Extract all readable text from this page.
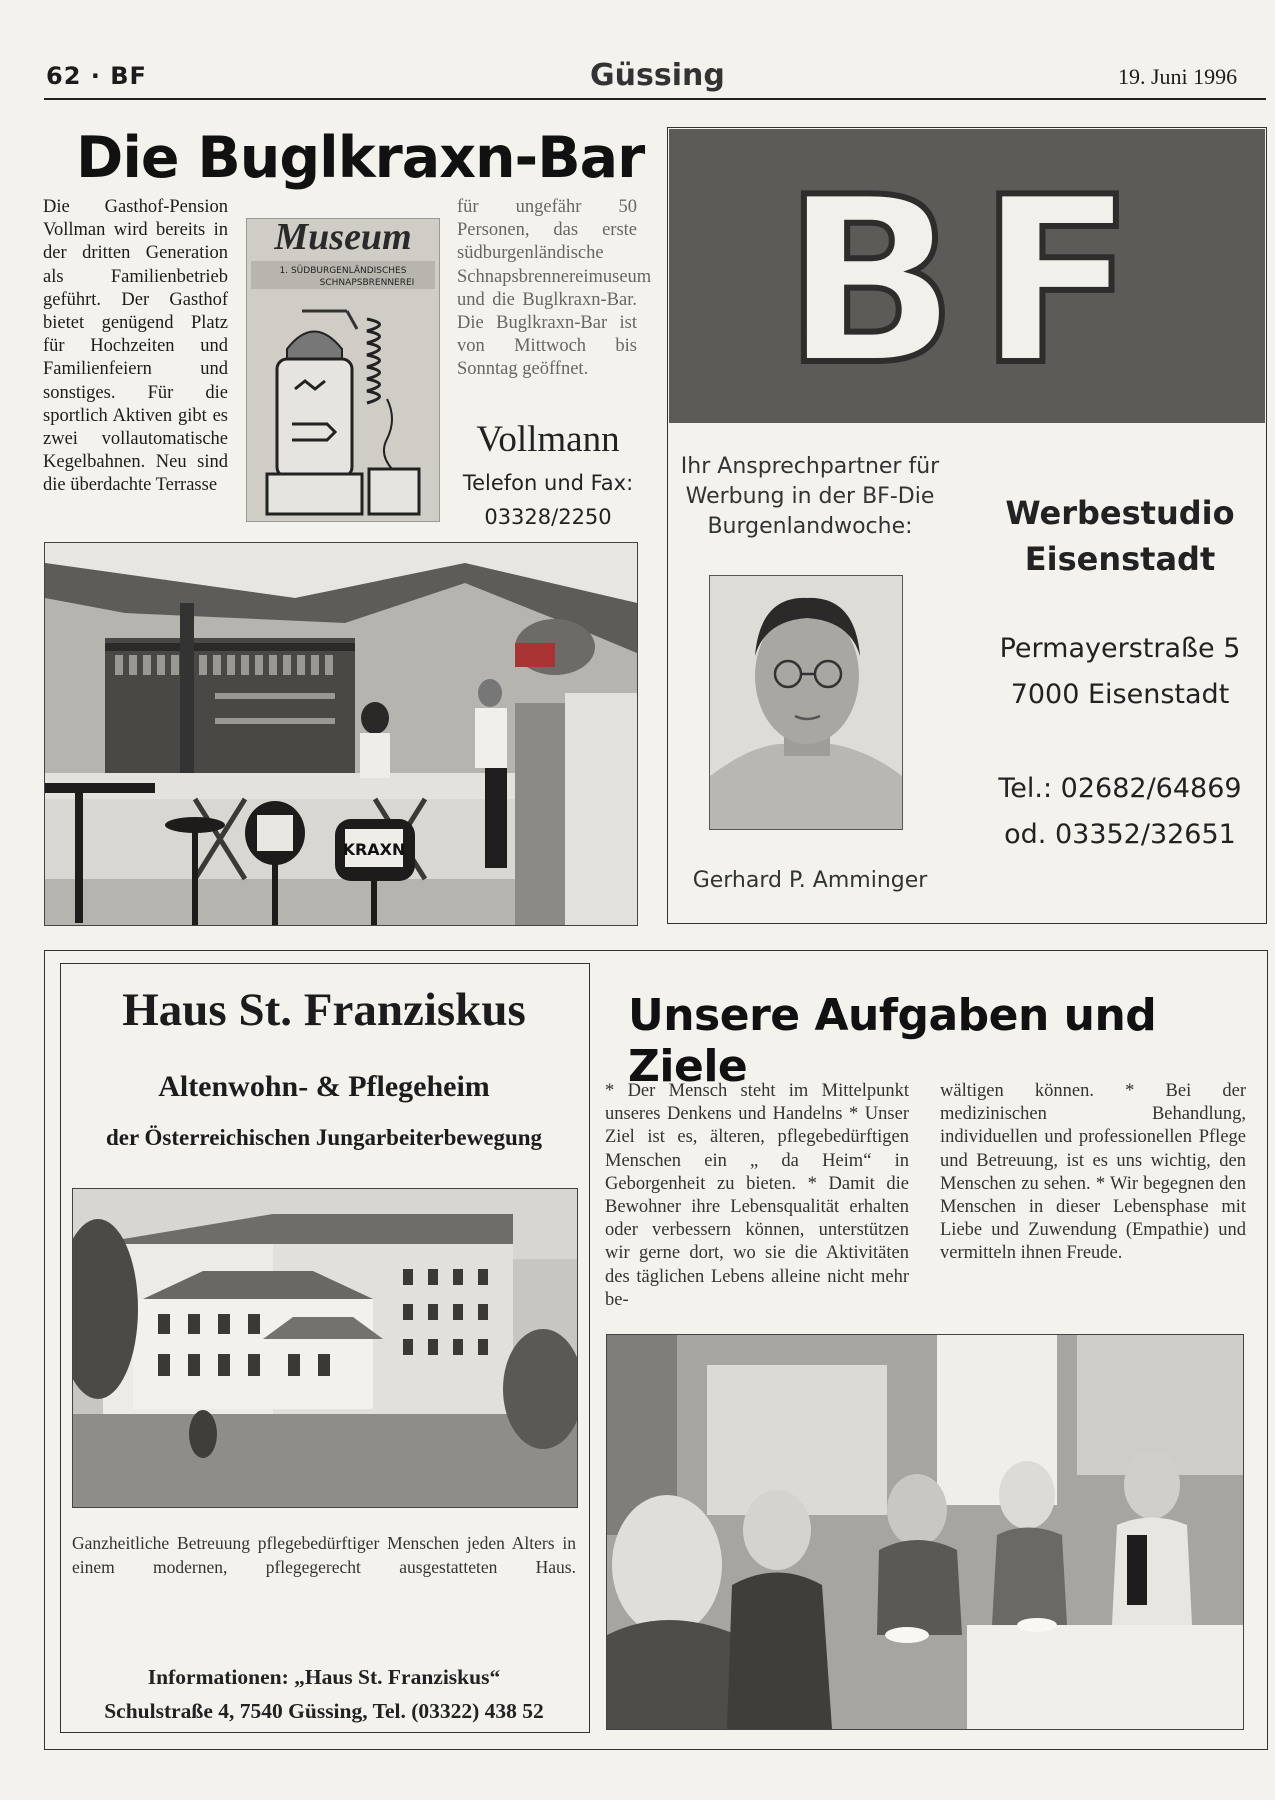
62 · BF	Güssing	19. Juni 1996
Die Buglkraxn-Bar
Die Gasthof-Pension Vollman wird bereits in der dritten Generation als Familienbetrieb geführt. Der Gasthof bietet genügend Platz für Hochzeiten und Familienfeiern und sonstiges. Für die sportlich Aktiven gibt es zwei vollautomatische Kegelbahnen. Neu sind die überdachte Terrasse
Museum
1. SÜDBURGENLÄNDISCHES
SCHNAPSBRENNEREI
für ungefähr 50 Personen, das erste südburgenländische Schnapsbrennereimuseum und die Buglkraxn-Bar. Die Buglkraxn-Bar ist von Mittwoch bis Sonntag geöffnet.
Vollmann
Telefon und Fax:
03328/2250
KRAXN
BF
Ihr Ansprechpartner für Werbung in der BF-Die Burgenlandwoche:
Gerhard P. Amminger
Werbestudio
Eisenstadt
Permayerstraße 5
7000 Eisenstadt
Tel.: 02682/64869
od. 03352/32651
Haus St. Franziskus
Altenwohn- & Pflegeheim
der Österreichischen Jungarbeiterbewegung
Ganzheitliche Betreuung pflegebedürftiger Menschen jeden Alters in einem modernen, pflegegerecht ausgestatteten Haus.
Informationen: „Haus St. Franziskus“
Schulstraße 4, 7540 Güssing, Tel. (03322) 438 52
Unsere Aufgaben und Ziele
* Der Mensch steht im Mittelpunkt unseres Denkens und Handelns * Unser Ziel ist es, älteren, pflegebedürftigen Menschen ein „ da Heim“ in Geborgenheit zu bieten. * Damit die Bewohner ihre Lebensqualität erhalten oder verbessern können, unterstützen wir gerne dort, wo sie die Aktivitäten des täglichen Lebens alleine nicht mehr be-
wältigen können. * Bei der medizinischen Behandlung, individuellen und professionellen Pflege und Betreuung, ist es uns wichtig, den Menschen zu sehen. * Wir begegnen den Menschen in dieser Lebensphase mit Liebe und Zuwendung (Empathie) und vermitteln ihnen Freude.
